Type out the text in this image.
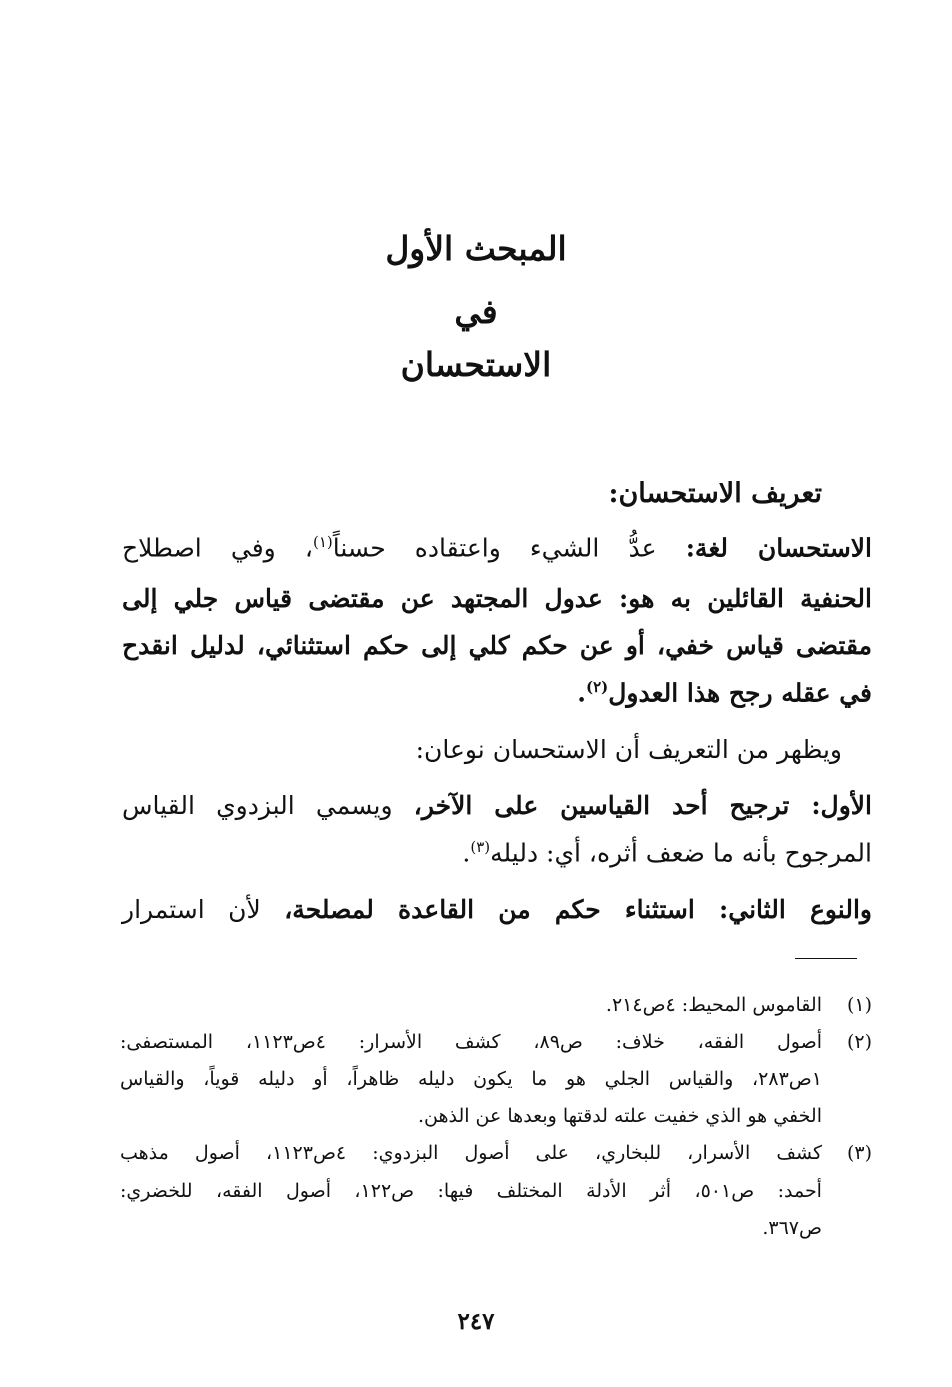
المبحث الأول
في
الاستحسان
تعريف الاستحسان:

الاستحسان لغة: عدُّ الشيء واعتقاده حسناً$^{(١)}$، وفي اصطلاح

الحنفية القائلين به هو: عدول المجتهد عن مقتضى قياس جلي إلى

مقتضى قياس خفي، أو عن حكم كلي إلى حكم استثنائي، لدليل انقدح

في عقله رجح هذا العدول$^{(٢)}$.

ويظهر من التعريف أن الاستحسان نوعان:

الأول: ترجيح أحد القياسين على الآخر، ويسمي البزدوي القياس

المرجوح بأنه ما ضعف أثره، أي: دليله$^{(٣)}$.

والنوع الثاني: استثناء حكم من القاعدة لمصلحة، لأن استمرار

(١)

القاموس المحيط: ٤ص٢١٤.

(٢)

أصول الفقه، خلاف: ص٨٩، كشف الأسرار: ٤ص١١٢٣، المستصفى:

١ص٢٨٣، والقياس الجلي هو ما يكون دليله ظاهراً، أو دليله قوياً، والقياس

الخفي هو الذي خفيت علته لدقتها وبعدها عن الذهن.

(٣)

كشف الأسرار، للبخاري، على أصول البزدوي: ٤ص١١٢٣، أصول مذهب

أحمد: ص٥٠١، أثر الأدلة المختلف فيها: ص١٢٢، أصول الفقه، للخضري:

ص٣٦٧.

٢٤٧
